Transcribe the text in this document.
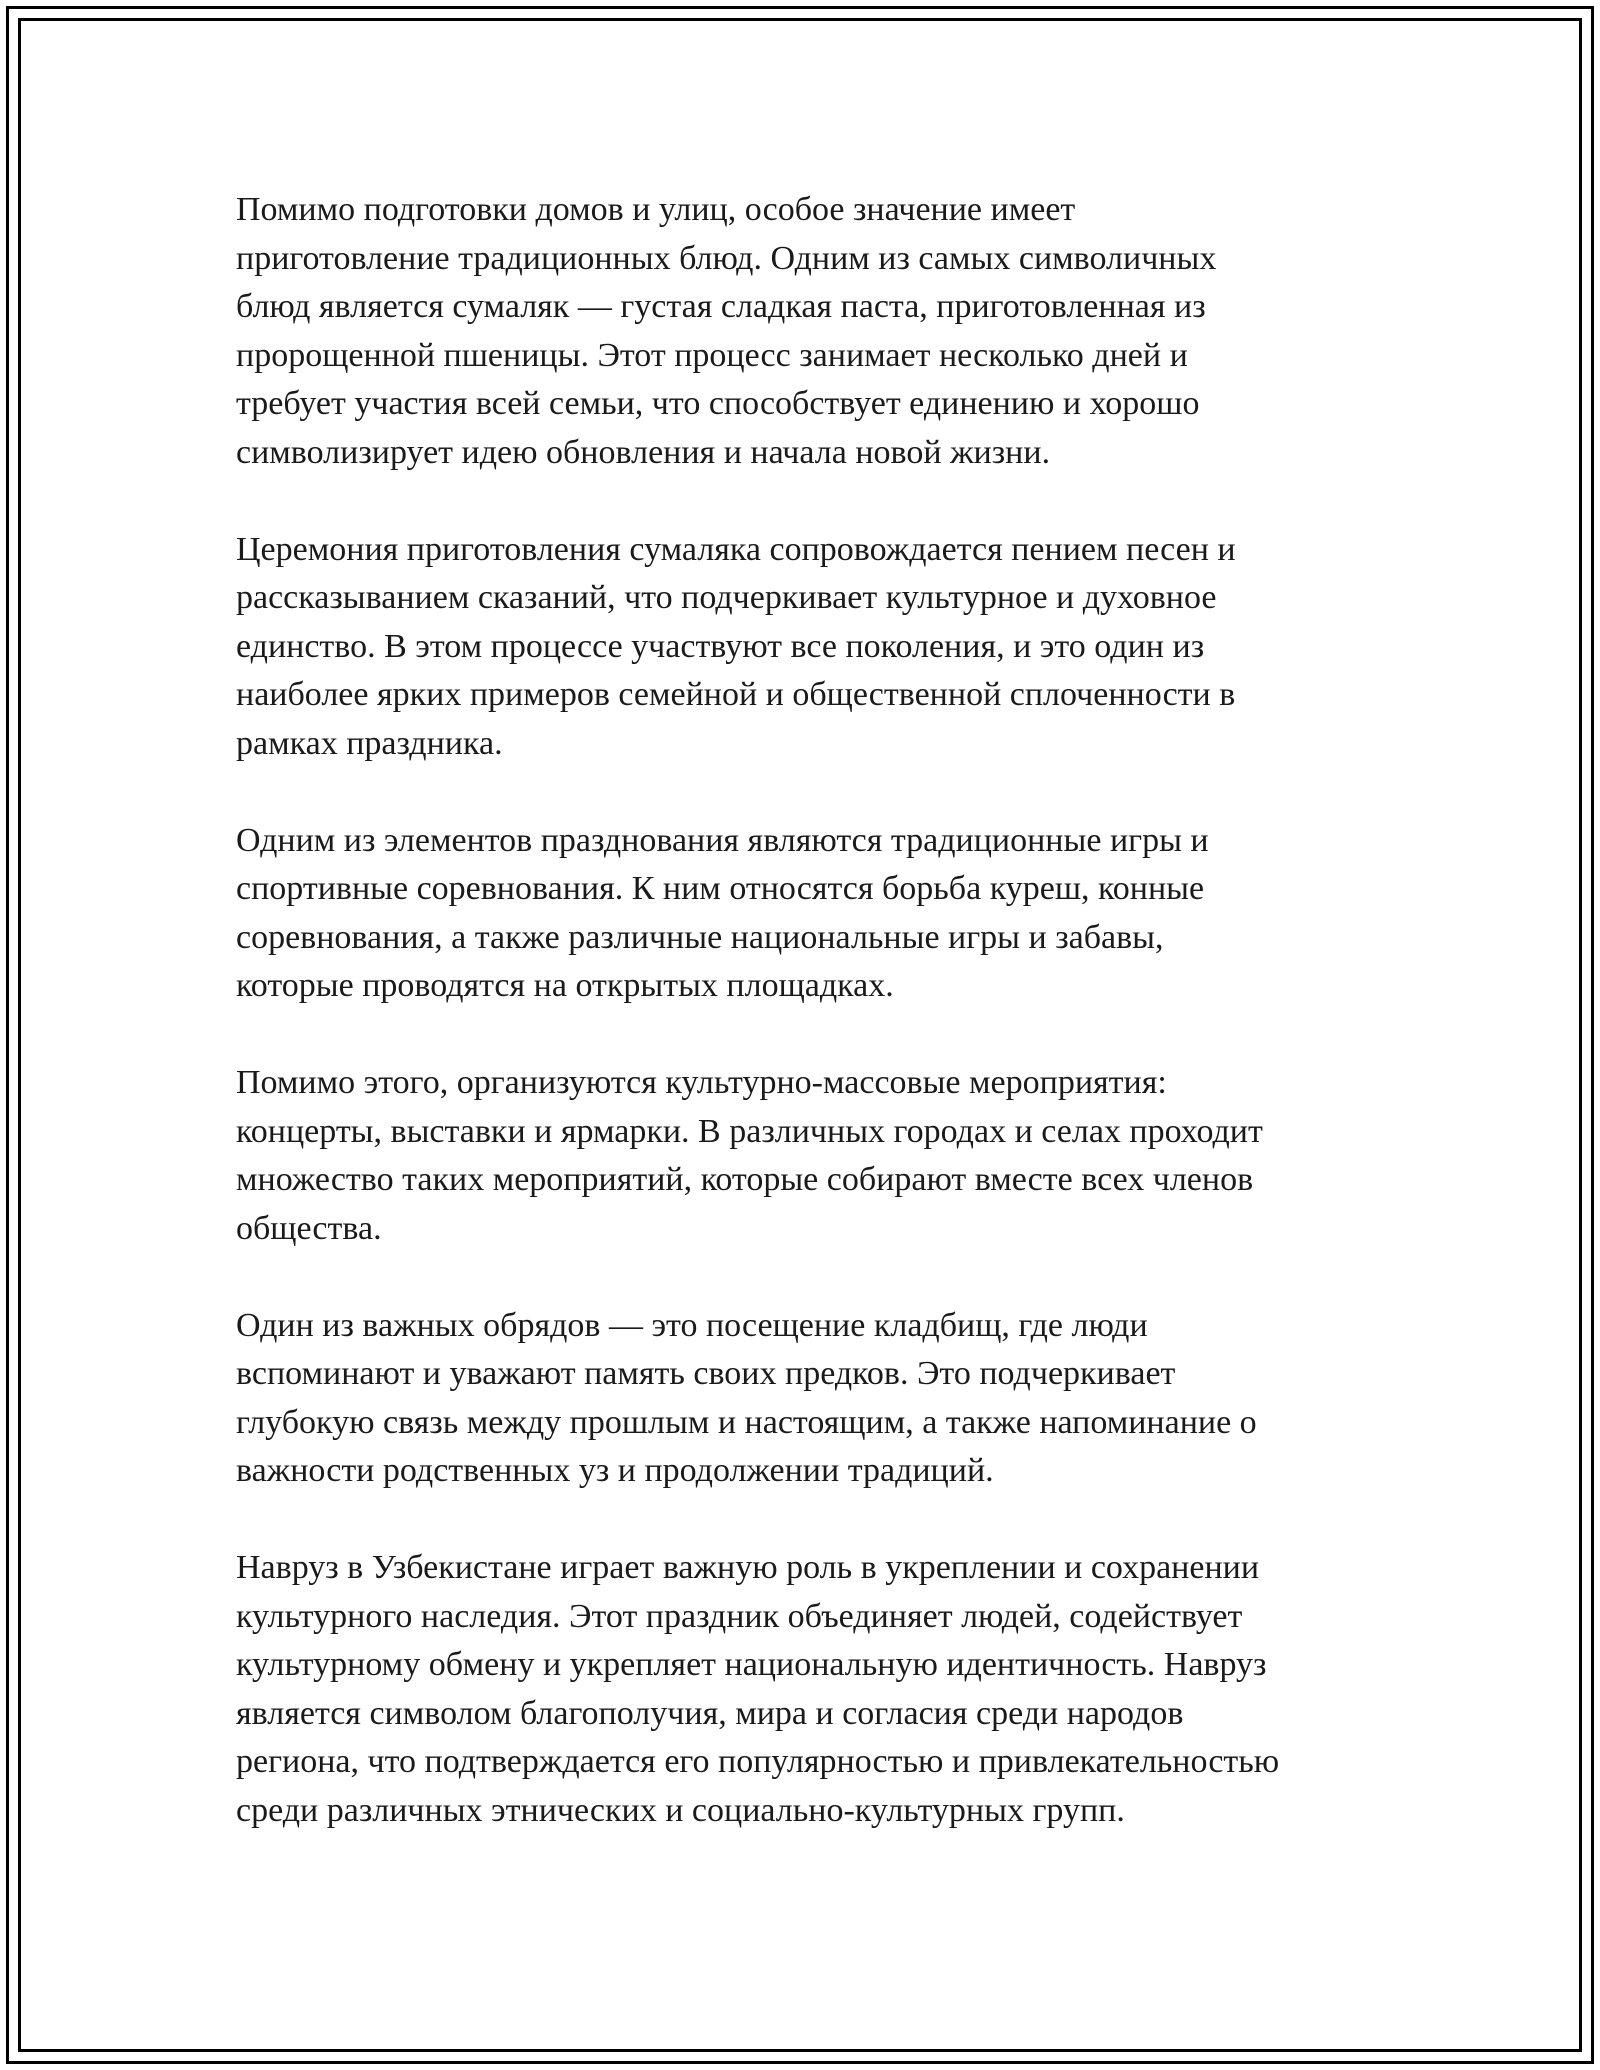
Помимо подготовки домов и улиц, особое значение имеет
приготовление традиционных блюд. Одним из самых символичных
блюд является сумаляк — густая сладкая паста, приготовленная из
пророщенной пшеницы. Этот процесс занимает несколько дней и
требует участия всей семьи, что способствует единению и хорошо
символизирует идею обновления и начала новой жизни.

Церемония приготовления сумаляка сопровождается пением песен и
рассказыванием сказаний, что подчеркивает культурное и духовное
единство. В этом процессе участвуют все поколения, и это один из
наиболее ярких примеров семейной и общественной сплоченности в
рамках праздника.

Одним из элементов празднования являются традиционные игры и
спортивные соревнования. К ним относятся борьба куреш, конные
соревнования, а также различные национальные игры и забавы,
которые проводятся на открытых площадках.

Помимо этого, организуются культурно-массовые мероприятия:
концерты, выставки и ярмарки. В различных городах и селах проходит
множество таких мероприятий, которые собирают вместе всех членов
общества.

Один из важных обрядов — это посещение кладбищ, где люди
вспоминают и уважают память своих предков. Это подчеркивает
глубокую связь между прошлым и настоящим, а также напоминание о
важности родственных уз и продолжении традиций.

Навруз в Узбекистане играет важную роль в укреплении и сохранении
культурного наследия. Этот праздник объединяет людей, содействует
культурному обмену и укрепляет национальную идентичность. Навруз
является символом благополучия, мира и согласия среди народов
региона, что подтверждается его популярностью и привлекательностью
среди различных этнических и социально-культурных групп.
